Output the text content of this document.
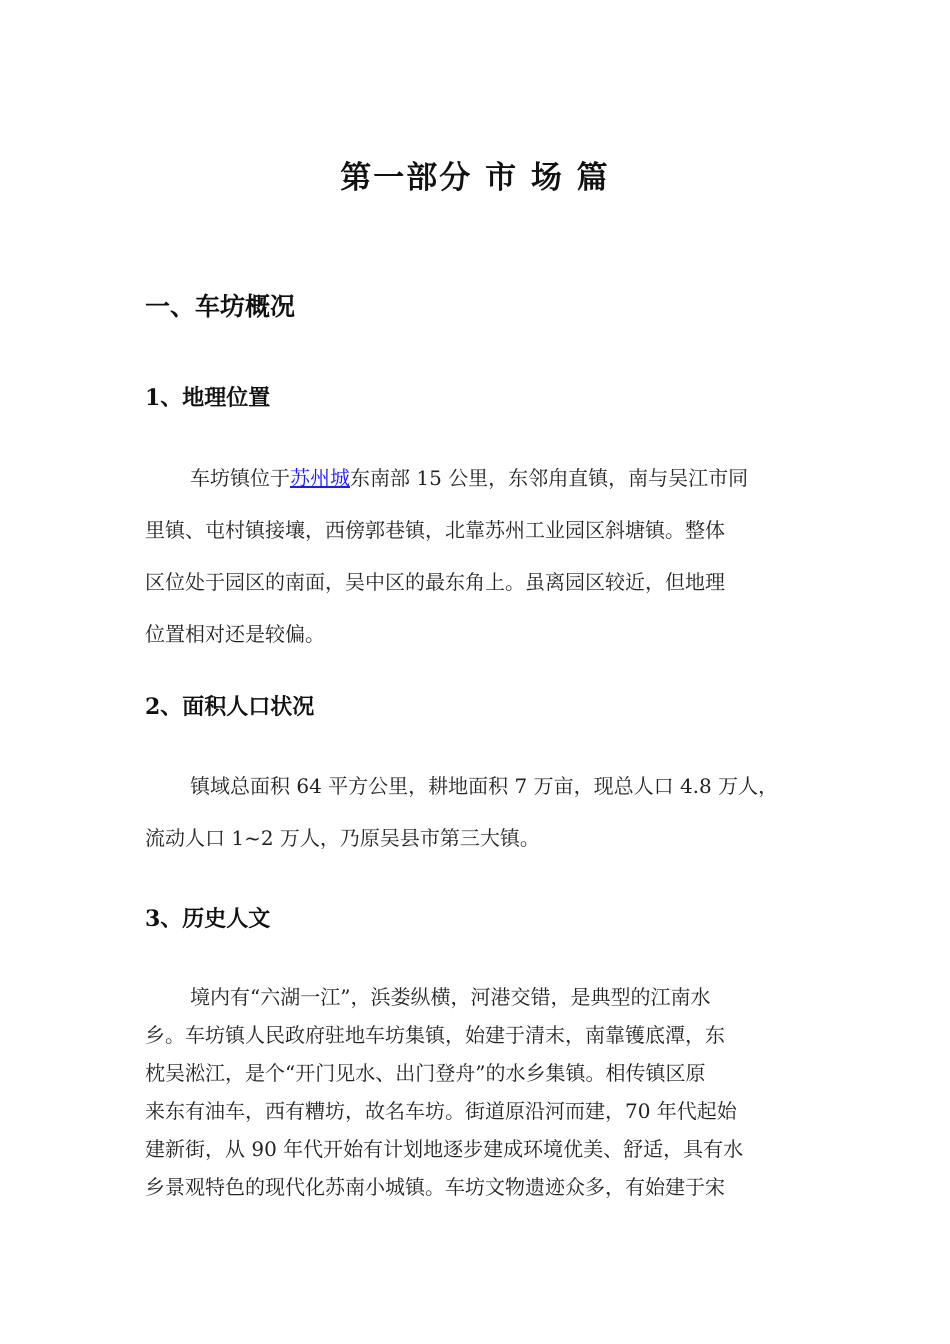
第一部分 市 场 篇
一、车坊概况
1、地理位置
车坊镇位于苏州城东南部 15 公里，东邻甪直镇，南与吴江市同
里镇、屯村镇接壤，西傍郭巷镇，北靠苏州工业园区斜塘镇。整体
区位处于园区的南面，吴中区的最东角上。虽离园区较近，但地理
位置相对还是较偏。
2、面积人口状况
镇域总面积 64 平方公里，耕地面积 7 万亩，现总人口 4.8 万人，
流动人口 1~2 万人，乃原吴县市第三大镇。
3、历史人文
境内有“六湖一江”，浜娄纵横，河港交错，是典型的江南水
乡。车坊镇人民政府驻地车坊集镇，始建于清末，南靠镬底潭，东
枕吴淞江，是个“开门见水、出门登舟”的水乡集镇。相传镇区原
来东有油车，西有糟坊，故名车坊。街道原沿河而建，70 年代起始
建新街，从 90 年代开始有计划地逐步建成环境优美、舒适，具有水
乡景观特色的现代化苏南小城镇。车坊文物遗迹众多，有始建于宋
